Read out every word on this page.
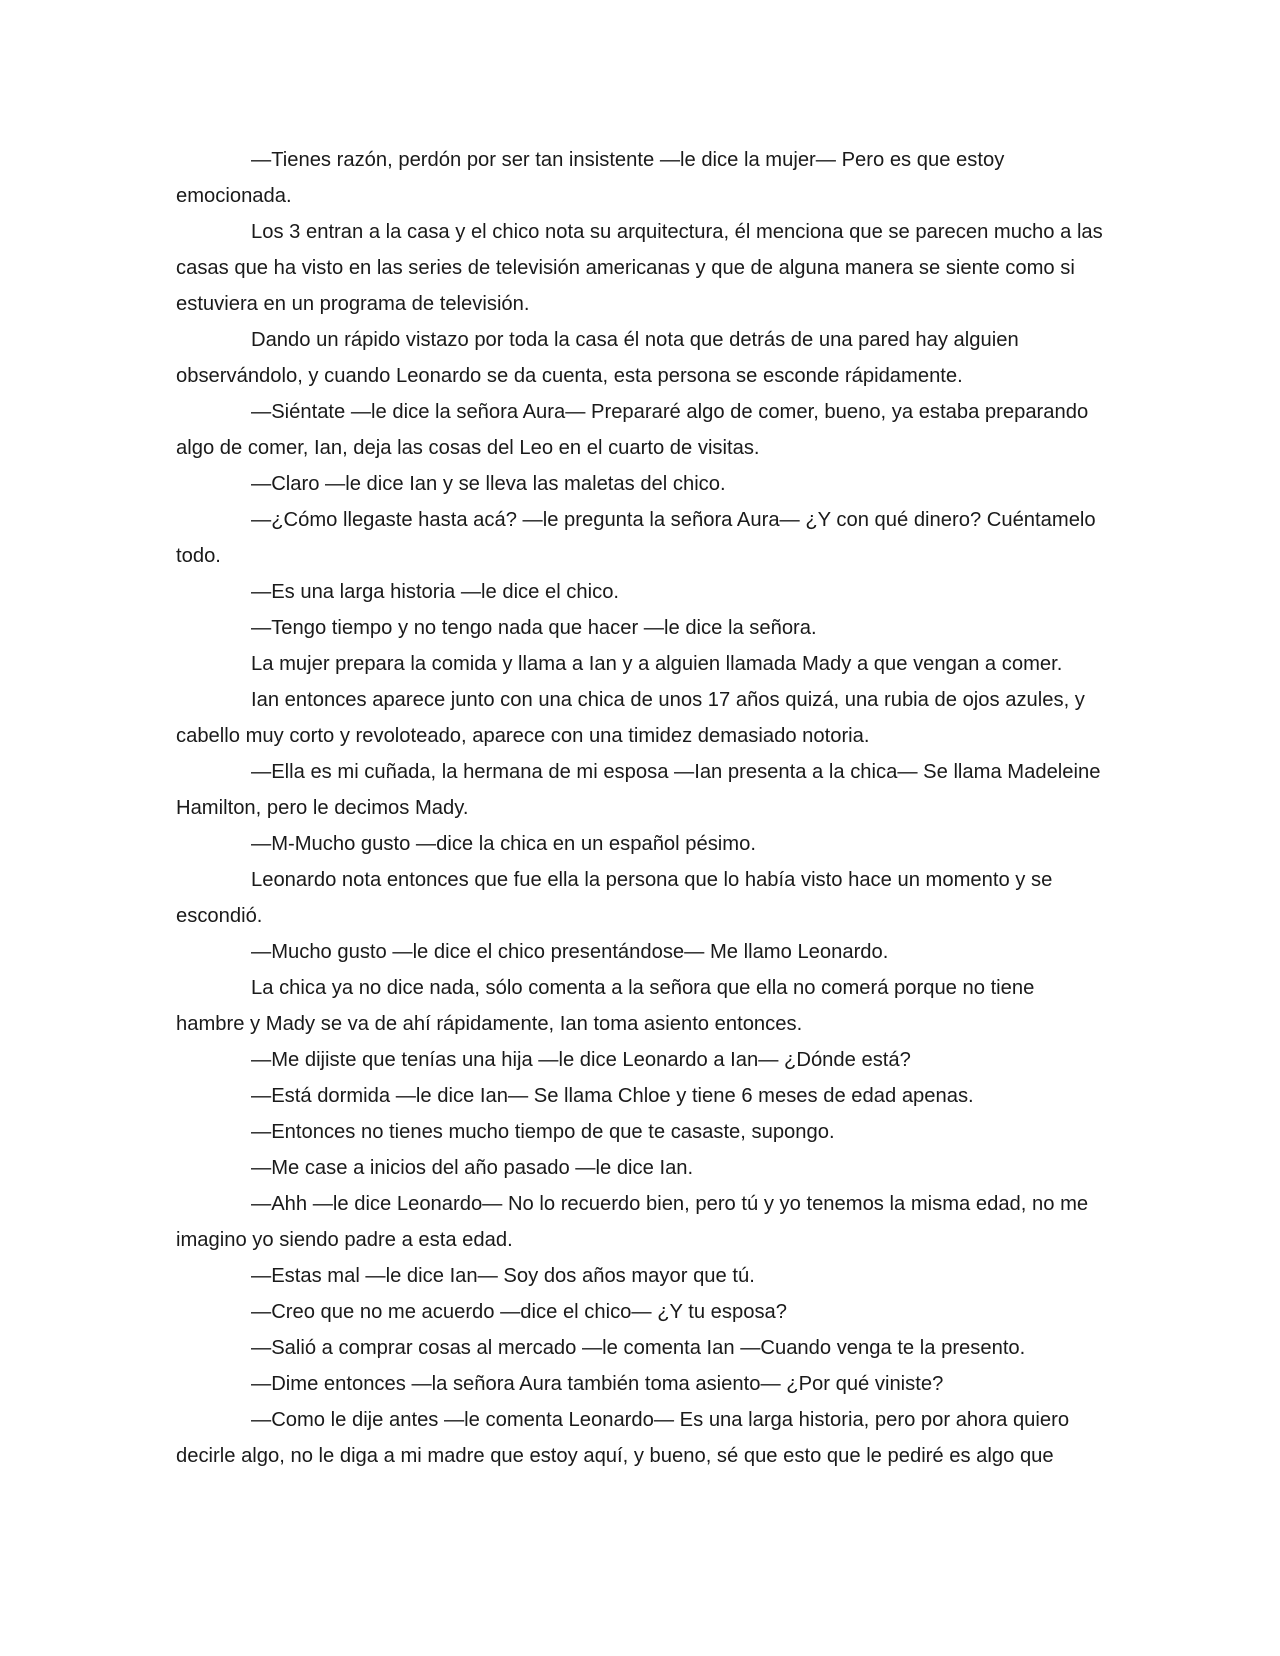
—Tienes razón, perdón por ser tan insistente —le dice la mujer— Pero es que estoy emocionada.

Los 3 entran a la casa y el chico nota su arquitectura, él menciona que se parecen mucho a las casas que ha visto en las series de televisión americanas y que de alguna manera se siente como si estuviera en un programa de televisión.

Dando un rápido vistazo por toda la casa él nota que detrás de una pared hay alguien observándolo, y cuando Leonardo se da cuenta, esta persona se esconde rápidamente.

—Siéntate —le dice la señora Aura— Prepararé algo de comer, bueno, ya estaba preparando algo de comer, Ian, deja las cosas del Leo en el cuarto de visitas.

—Claro —le dice Ian y se lleva las maletas del chico.

—¿Cómo llegaste hasta acá? —le pregunta la señora Aura— ¿Y con qué dinero? Cuéntamelo todo.

—Es una larga historia —le dice el chico.

—Tengo tiempo y no tengo nada que hacer —le dice la señora.

La mujer prepara la comida y llama a Ian y a alguien llamada Mady a que vengan a comer.

Ian entonces aparece junto con una chica de unos 17 años quizá, una rubia de ojos azules, y cabello muy corto y revoloteado, aparece con una timidez demasiado notoria.

—Ella es mi cuñada, la hermana de mi esposa —Ian presenta a la chica— Se llama Madeleine Hamilton, pero le decimos Mady.

—M-Mucho gusto —dice la chica en un español pésimo.

Leonardo nota entonces que fue ella la persona que lo había visto hace un momento y se escondió.

—Mucho gusto —le dice el chico presentándose— Me llamo Leonardo.

La chica ya no dice nada, sólo comenta a la señora que ella no comerá porque no tiene hambre y Mady se va de ahí rápidamente, Ian toma asiento entonces.

—Me dijiste que tenías una hija —le dice Leonardo a Ian— ¿Dónde está?

—Está dormida —le dice Ian— Se llama Chloe y tiene 6 meses de edad apenas.

—Entonces no tienes mucho tiempo de que te casaste, supongo.

—Me case a inicios del año pasado —le dice Ian.

—Ahh —le dice Leonardo— No lo recuerdo bien, pero tú y yo tenemos la misma edad, no me imagino yo siendo padre a esta edad.

—Estas mal —le dice Ian— Soy dos años mayor que tú.

—Creo que no me acuerdo —dice el chico— ¿Y tu esposa?

—Salió a comprar cosas al mercado —le comenta Ian —Cuando venga te la presento.

—Dime entonces —la señora Aura también toma asiento— ¿Por qué viniste?

—Como le dije antes —le comenta Leonardo— Es una larga historia, pero por ahora quiero decirle algo, no le diga a mi madre que estoy aquí, y bueno, sé que esto que le pediré es algo que
